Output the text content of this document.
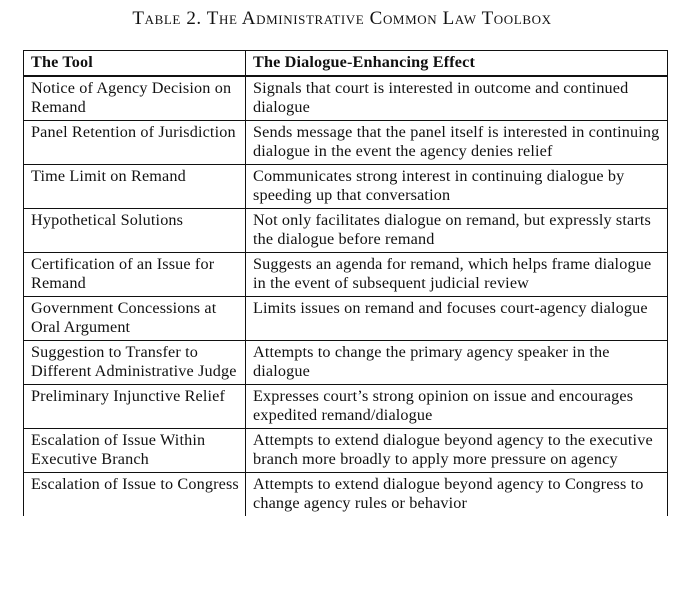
Table 2. The Administrative Common Law Toolbox
The Tool	The Dialogue-Enhancing Effect
Notice of Agency Decision on Remand	Signals that court is interested in outcome and continued dialogue
Panel Retention of Jurisdiction	Sends message that the panel itself is interested in continuing dialogue in the event the agency denies relief
Time Limit on Remand	Communicates strong interest in continuing dialogue by speeding up that conversation
Hypothetical Solutions	Not only facilitates dialogue on remand, but expressly starts the dialogue before remand
Certification of an Issue for Remand	Suggests an agenda for remand, which helps frame dialogue in the event of subsequent judicial review
Government Concessions at Oral Argument	Limits issues on remand and focuses court-agency dialogue
Suggestion to Transfer to Different Administrative Judge	Attempts to change the primary agency speaker in the dialogue
Preliminary Injunctive Relief	Expresses court’s strong opinion on issue and encourages expedited remand/dialogue
Escalation of Issue Within Executive Branch	Attempts to extend dialogue beyond agency to the executive branch more broadly to apply more pressure on agency
Escalation of Issue to Congress	Attempts to extend dialogue beyond agency to Congress to change agency rules or behavior
